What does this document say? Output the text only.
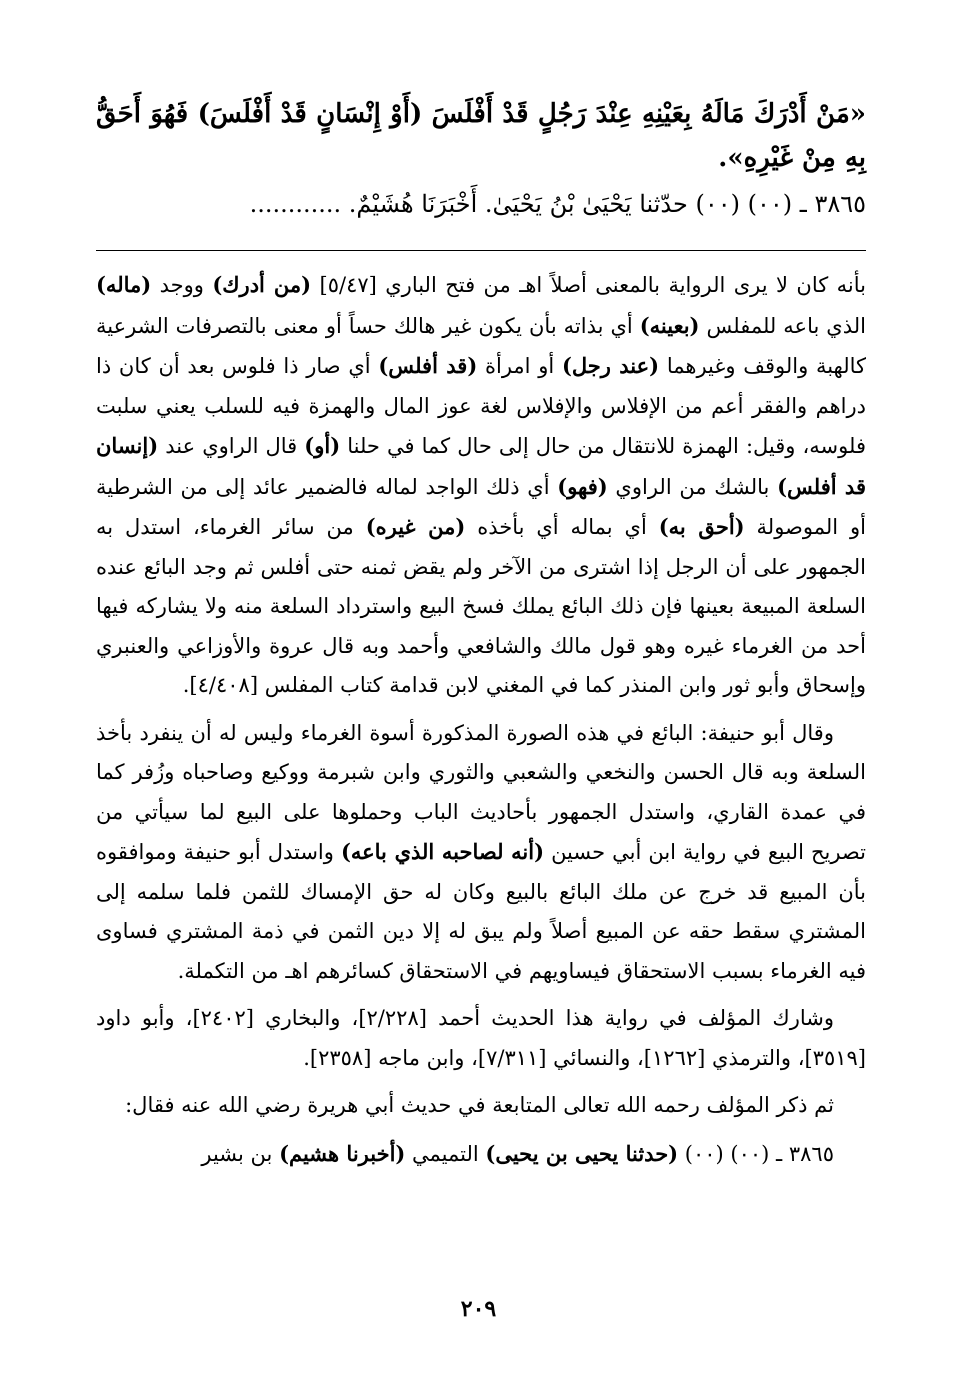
«مَنْ أَدْرَكَ مَالَهُ بِعَيْنِهِ عِنْدَ رَجُلٍ قَدْ أَفْلَسَ (أَوْ إِنْسَانٍ قَدْ أَفْلَسَ) فَهُوَ أَحَقُّ بِهِ مِنْ غَيْرِهِ».

٣٨٦٥ ـ (٠٠) (٠٠) حدّثنا يَحْيَىٰ بْنُ يَحْيَىٰ. أَخْبَرَنَا هُشَيْمٌ. ............

بأنه كان لا يرى الرواية بالمعنى أصلاً اهـ من فتح الباري [٥/٤٧] (من أدرك) ووجد (ماله) الذي باعه للمفلس (بعينه) أي بذاته بأن يكون غير هالك حساً أو معنى بالتصرفات الشرعية كالهبة والوقف وغيرهما (عند رجل) أو امرأة (قد أفلس) أي صار ذا فلوس بعد أن كان ذا دراهم والفقر أعم من الإفلاس والإفلاس لغة عوز المال والهمزة فيه للسلب يعني سلبت فلوسه، وقيل: الهمزة للانتقال من حال إلى حال كما في حلنا (أو) قال الراوي عند (إنسان قد أفلس) بالشك من الراوي (فهو) أي ذلك الواجد لماله فالضمير عائد إلى من الشرطية أو الموصولة (أحق به) أي بماله أي بأخذه (من غيره) من سائر الغرماء، استدل به الجمهور على أن الرجل إذا اشترى من الآخر ولم يقض ثمنه حتى أفلس ثم وجد البائع عنده السلعة المبيعة بعينها فإن ذلك البائع يملك فسخ البيع واسترداد السلعة منه ولا يشاركه فيها أحد من الغرماء غيره وهو قول مالك والشافعي وأحمد وبه قال عروة والأوزاعي والعنبري وإسحاق وأبو ثور وابن المنذر كما في المغني لابن قدامة كتاب المفلس [٤/٤٠٨].

وقال أبو حنيفة: البائع في هذه الصورة المذكورة أسوة الغرماء وليس له أن ينفرد بأخذ السلعة وبه قال الحسن والنخعي والشعبي والثوري وابن شبرمة ووكيع وصاحباه وزُفر كما في عمدة القاري، واستدل الجمهور بأحاديث الباب وحملوها على البيع لما سيأتي من تصريح البيع في رواية ابن أبي حسين (أنه لصاحبه الذي باعه) واستدل أبو حنيفة وموافقوه بأن المبيع قد خرج عن ملك البائع بالبيع وكان له حق الإمساك للثمن فلما سلمه إلى المشتري سقط حقه عن المبيع أصلاً ولم يبق له إلا دين الثمن في ذمة المشتري فساوى فيه الغرماء بسبب الاستحقاق فيساويهم في الاستحقاق كسائرهم اهـ من التكملة.

وشارك المؤلف في رواية هذا الحديث أحمد [٢/٢٢٨]، والبخاري [٢٤٠٢]، وأبو داود [٣٥١٩]، والترمذي [١٢٦٢]، والنسائي [٧/٣١١]، وابن ماجه [٢٣٥٨].

ثم ذكر المؤلف رحمه الله تعالى المتابعة في حديث أبي هريرة رضي الله عنه فقال:

٣٨٦٥ ـ (٠٠) (٠٠) (حدثنا يحيى بن يحيى) التميمي (أخبرنا هشيم) بن بشير

٢٠٩
